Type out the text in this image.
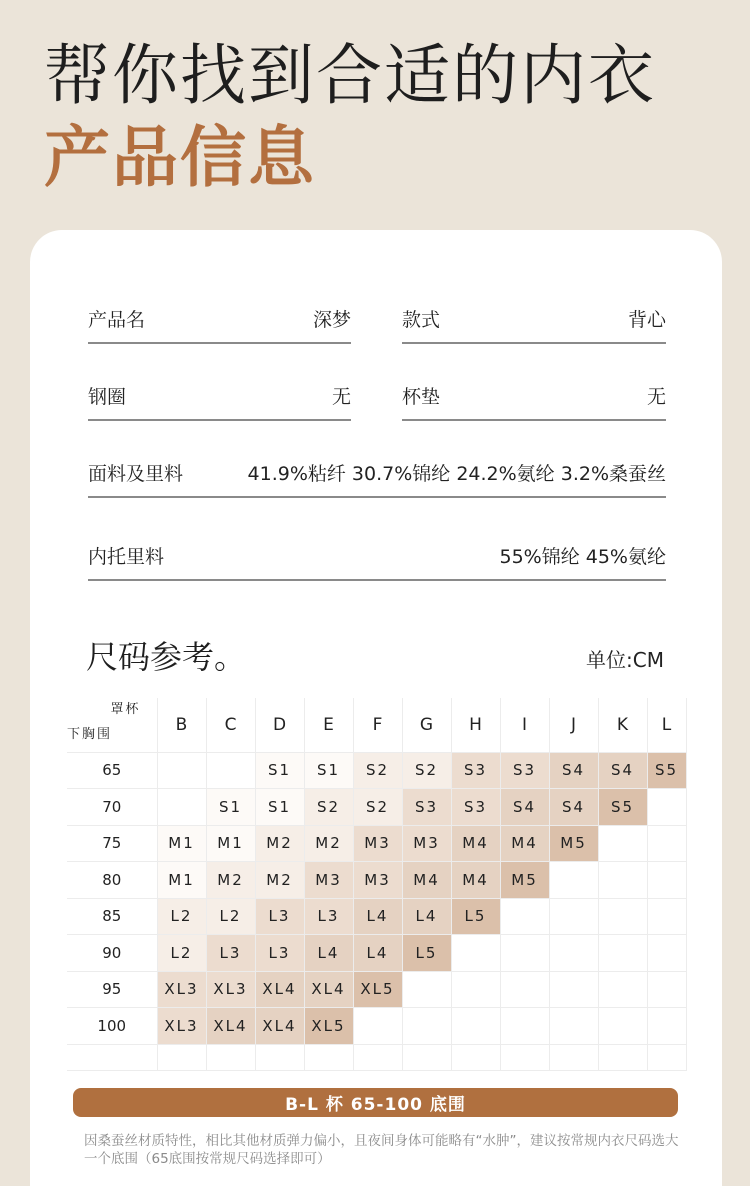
帮你找到合适的内衣
产品信息
产品名	深梦	款式	背心
钢圈	无	杯垫	无
面料及里料	41.9%粘纤 30.7%锦纶 24.2%氨纶 3.2%桑蚕丝
内托里料	55%锦纶 45%氨纶
尺码参考。	单位:CM
罩杯
下胸围	B	C	D	E	F	G	H	I	J	K	L
65			S1	S1	S2	S2	S3	S3	S4	S4	S5
70		S1	S1	S2	S2	S3	S3	S4	S4	S5	
75	M1	M1	M2	M2	M3	M3	M4	M4	M5		
80	M1	M2	M2	M3	M3	M4	M4	M5			
85	L2	L2	L3	L3	L4	L4	L5				
90	L2	L3	L3	L4	L4	L5					
95	XL3	XL3	XL4	XL4	XL5						
100	XL3	XL4	XL4	XL5							

B-L 杯 65-100 底围
因桑蚕丝材质特性，相比其他材质弹力偏小，且夜间身体可能略有“水肿”，建议按常规内衣尺码选大一个底围（65底围按常规尺码选择即可）
